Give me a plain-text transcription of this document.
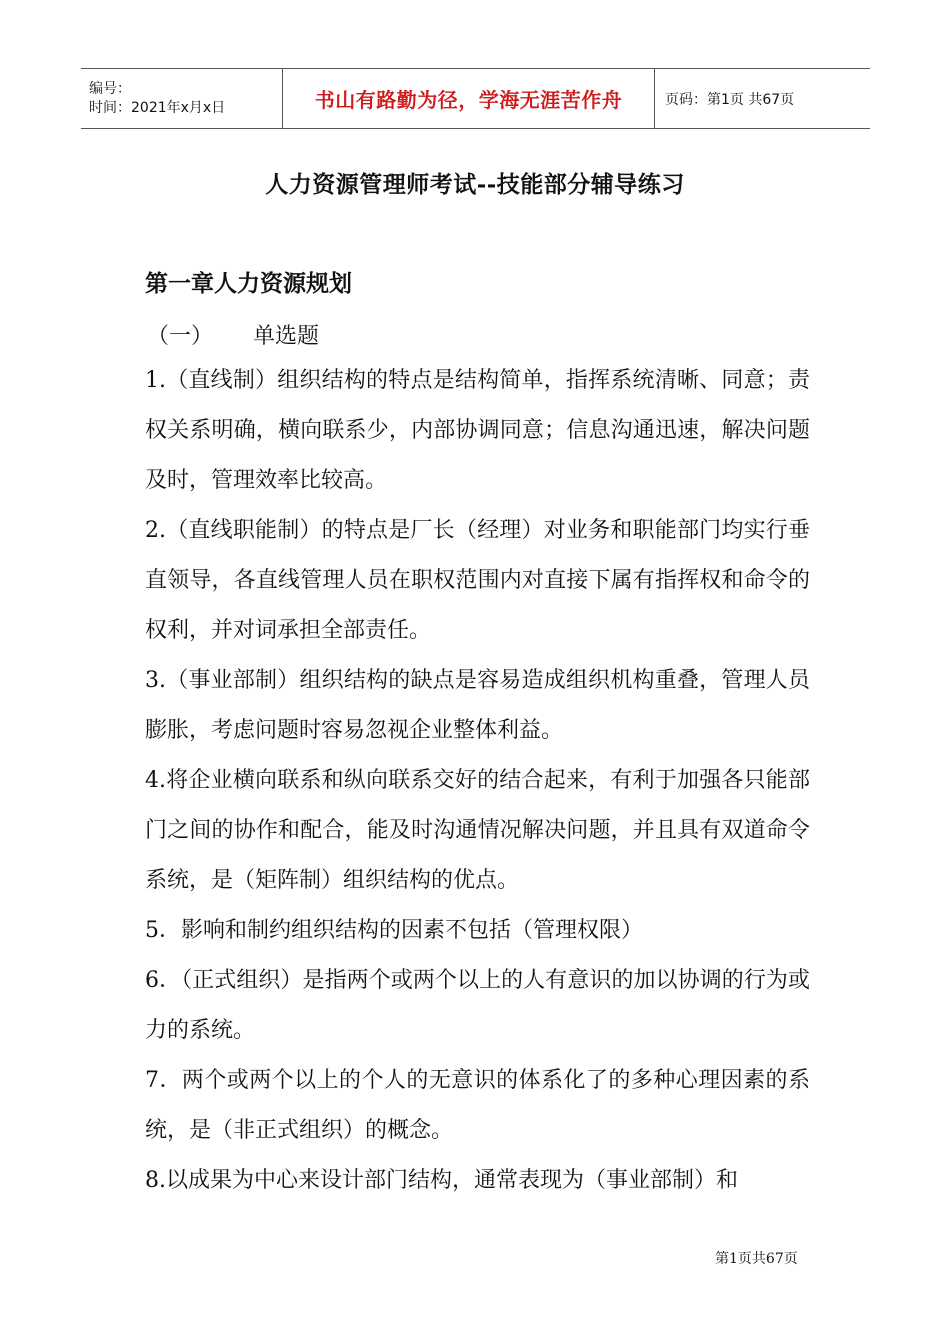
编号：
时间：2021年x月x日	书山有路勤为径，学海无涯苦作舟	页码：第1页 共67页
人力资源管理师考试--技能部分辅导练习
第一章人力资源规划
（一） 单选题

1.（直线制）组织结构的特点是结构简单，指挥系统清晰、同意；责权关系明确，横向联系少，内部协调同意；信息沟通迅速，解决问题及时，管理效率比较高。

2.（直线职能制）的特点是厂长（经理）对业务和职能部门均实行垂直领导，各直线管理人员在职权范围内对直接下属有指挥权和命令的权利，并对词承担全部责任。

3.（事业部制）组织结构的缺点是容易造成组织机构重叠，管理人员膨胀，考虑问题时容易忽视企业整体利益。

4.将企业横向联系和纵向联系交好的结合起来，有利于加强各只能部门之间的协作和配合，能及时沟通情况解决问题，并且具有双道命令系统，是（矩阵制）组织结构的优点。

5．影响和制约组织结构的因素不包括（管理权限）

6．（正式组织）是指两个或两个以上的人有意识的加以协调的行为或力的系统。

7．两个或两个以上的个人的无意识的体系化了的多种心理因素的系统，是（非正式组织）的概念。

8.以成果为中心来设计部门结构，通常表现为（事业部制）和

第1页共67页
